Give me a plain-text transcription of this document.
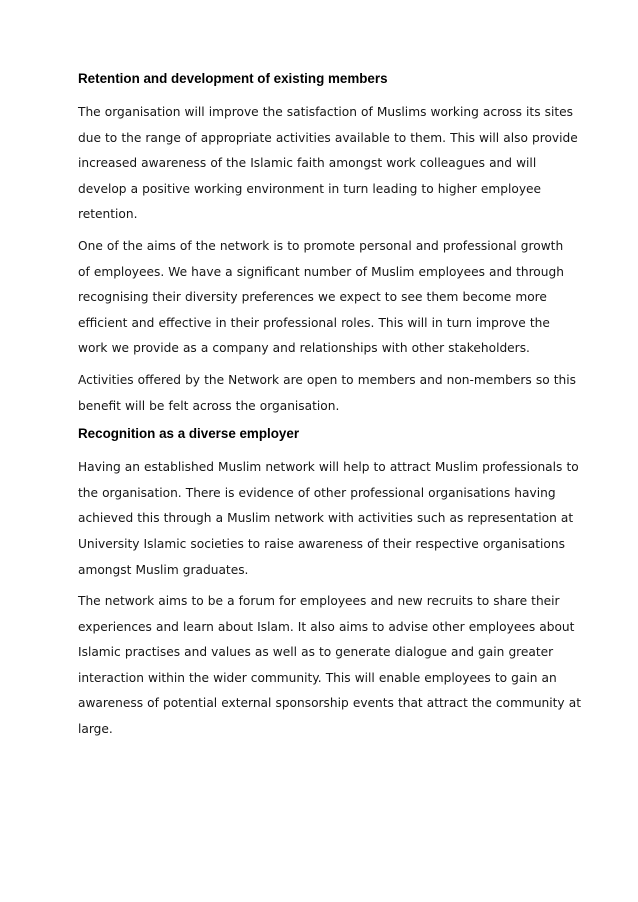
Retention and development of existing members

The organisation will improve the satisfaction of Muslims working across its sites
due to the range of appropriate activities available to them. This will also provide
increased awareness of the Islamic faith amongst work colleagues and will
develop a positive working environment in turn leading to higher employee
retention.

One of the aims of the network is to promote personal and professional growth
of employees. We have a significant number of Muslim employees and through
recognising their diversity preferences we expect to see them become more
efficient and effective in their professional roles. This will in turn improve the
work we provide as a company and relationships with other stakeholders.

Activities offered by the Network are open to members and non-members so this
benefit will be felt across the organisation.

Recognition as a diverse employer

Having an established Muslim network will help to attract Muslim professionals to
the organisation. There is evidence of other professional organisations having
achieved this through a Muslim network with activities such as representation at
University Islamic societies to raise awareness of their respective organisations
amongst Muslim graduates.

The network aims to be a forum for employees and new recruits to share their
experiences and learn about Islam. It also aims to advise other employees about
Islamic practises and values as well as to generate dialogue and gain greater
interaction within the wider community. This will enable employees to gain an
awareness of potential external sponsorship events that attract the community at
large.
